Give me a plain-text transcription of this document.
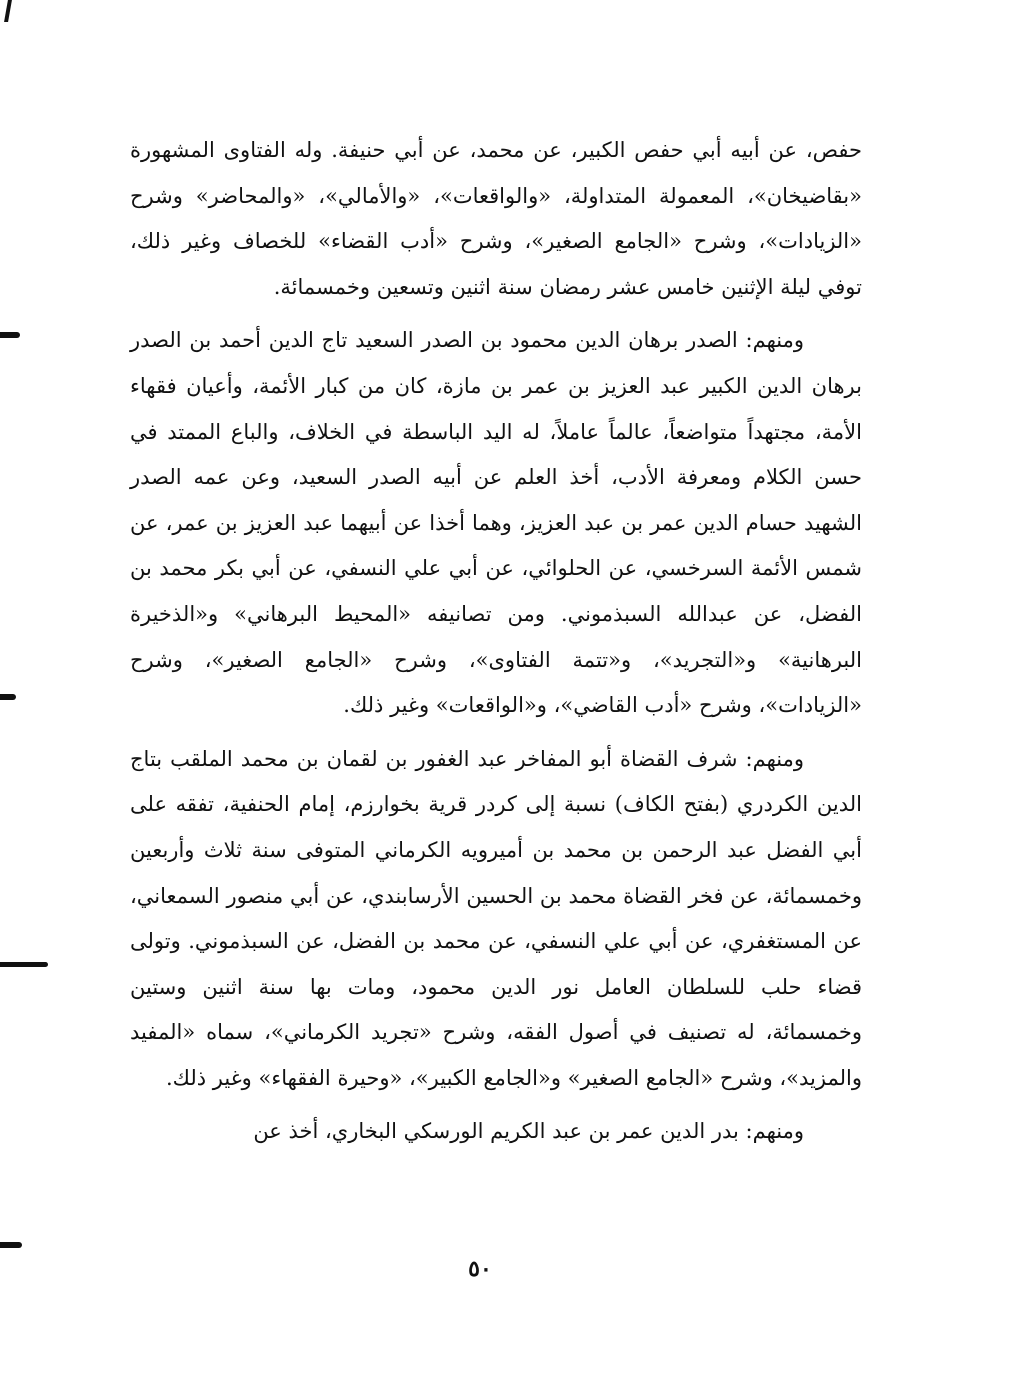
حفص، عن أبيه أبي حفص الكبير، عن محمد، عن أبي حنيفة. وله الفتاوى المشهورة «بقاضيخان»، المعمولة المتداولة، «والواقعات»، «والأمالي»، «والمحاضر» وشرح «الزيادات»، وشرح «الجامع الصغير»، وشرح «أدب القضاء» للخصاف وغير ذلك، توفي ليلة الإثنين خامس عشر رمضان سنة اثنين وتسعين وخمسمائة.

ومنهم: الصدر برهان الدين محمود بن الصدر السعيد تاج الدين أحمد بن الصدر برهان الدين الكبير عبد العزيز بن عمر بن مازة، كان من كبار الأئمة، وأعيان فقهاء الأمة، مجتهداً متواضعاً، عالماً عاملاً، له اليد الباسطة في الخلاف، والباع الممتد في حسن الكلام ومعرفة الأدب، أخذ العلم عن أبيه الصدر السعيد، وعن عمه الصدر الشهيد حسام الدين عمر بن عبد العزيز، وهما أخذا عن أبيهما عبد العزيز بن عمر، عن شمس الأئمة السرخسي، عن الحلوائي، عن أبي علي النسفي، عن أبي بكر محمد بن الفضل، عن عبدالله السبذموني. ومن تصانيفه «المحيط البرهاني» و«الذخيرة البرهانية» و«التجريد»، و«تتمة الفتاوى»، وشرح «الجامع الصغير»، وشرح «الزيادات»، وشرح «أدب القاضي»، و«الواقعات» وغير ذلك.

ومنهم: شرف القضاة أبو المفاخر عبد الغفور بن لقمان بن محمد الملقب بتاج الدين الكردري (بفتح الكاف) نسبة إلى كردر قرية بخوارزم، إمام الحنفية، تفقه على أبي الفضل عبد الرحمن بن محمد بن أميرويه الكرماني المتوفى سنة ثلاث وأربعين وخمسمائة، عن فخر القضاة محمد بن الحسين الأرسابندي، عن أبي منصور السمعاني، عن المستغفري، عن أبي علي النسفي، عن محمد بن الفضل، عن السبذموني. وتولى قضاء حلب للسلطان العامل نور الدين محمود، ومات بها سنة اثنين وستين وخمسمائة، له تصنيف في أصول الفقه، وشرح «تجريد الكرماني»، سماه «المفيد والمزيد»، وشرح «الجامع الصغير» و«الجامع الكبير»، «وحيرة الفقهاء» وغير ذلك.

ومنهم: بدر الدين عمر بن عبد الكريم الورسكي البخاري، أخذ عن

٥٠
